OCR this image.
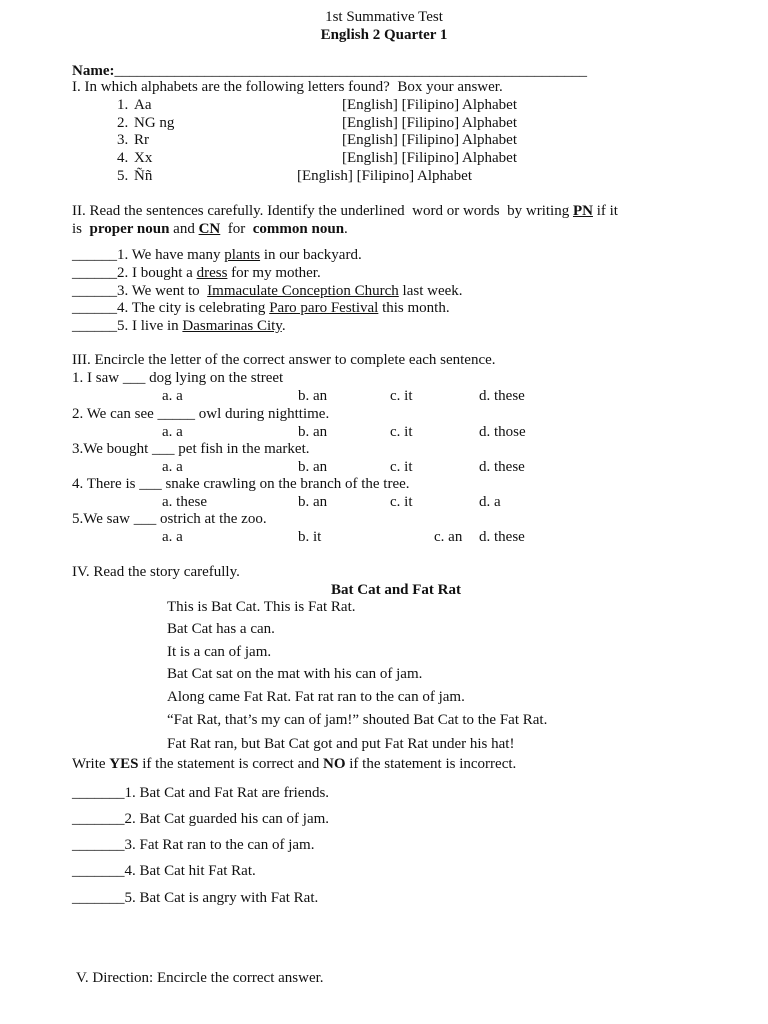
1st Summative Test
English 2 Quarter 1
Name:_______________________________________________________________
I. In which alphabets are the following letters found?  Box your answer.
1. Aa	[English] [Filipino] Alphabet
2. NG ng	[English] [Filipino] Alphabet
3. Rr	[English] [Filipino] Alphabet
4. Xx	[English] [Filipino] Alphabet
5. Ññ	[English] [Filipino] Alphabet
II. Read the sentences carefully. Identify the underlined  word or words  by writing PN if it
is  proper noun and CN  for  common noun.
______1. We have many plants in our backyard.
______2. I bought a dress for my mother.
______3. We went to  Immaculate Conception Church last week.
______4. The city is celebrating Paro paro Festival this month.
______5. I live in Dasmarinas City.
III. Encircle the letter of the correct answer to complete each sentence.
1. I saw ___ dog lying on the street
a. a	b. an	c. it	d. these
2. We can see _____ owl during nighttime.
a. a	b. an	c. it	d. those
3.We bought ___ pet fish in the market.
a. a	b. an	c. it	d. these
4. There is ___ snake crawling on the branch of the tree.
a. these	b. an	c. it	d. a
5.We saw ___ ostrich at the zoo.
a. a	b. it	c. an d. these
IV. Read the story carefully.
Bat Cat and Fat Rat
This is Bat Cat. This is Fat Rat.
Bat Cat has a can.
It is a can of jam.
Bat Cat sat on the mat with his can of jam.
Along came Fat Rat. Fat rat ran to the can of jam.
“Fat Rat, that’s my can of jam!” shouted Bat Cat to the Fat Rat.
Fat Rat ran, but Bat Cat got and put Fat Rat under his hat!
Write YES if the statement is correct and NO if the statement is incorrect.
_______1. Bat Cat and Fat Rat are friends.
_______2. Bat Cat guarded his can of jam.
_______3. Fat Rat ran to the can of jam.
_______4. Bat Cat hit Fat Rat.
_______5. Bat Cat is angry with Fat Rat.
V. Direction: Encircle the correct answer.
